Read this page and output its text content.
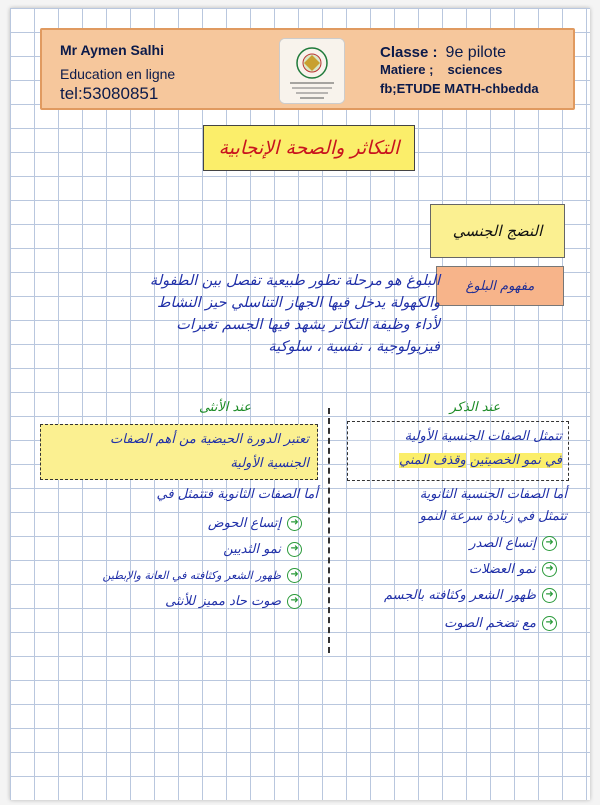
Mr Aymen Salhi
Education en ligne
tel:53080851
Classe : 9e pilote
Matiere ; sciences
fb;ETUDE MATH-chbedda
التكاثر والصحة الإنجابية
النضج الجنسي
مفهوم البلوغ
البلوغ هو مرحلة تطور طبيعية تفصل بين الطفولة
والكهولة يدخل فيها الجهاز التناسلي حيز النشاط
لأداء وظيفة التكاثر يشهد فيها الجسم تغيرات
فيزيولوجية ، نفسية ، سلوكية
عند الذكر
عند الأنثى
تتمثل الصفات الجنسية الأولية
في نمو الخصيتين وقذف المني
تعتبر الدورة الحيضية من أهم الصفات
الجنسية الأولية
أما الصفات الجنسية الثانوية
تتمثل في زيادة سرعة النمو
أما الصفات الثانوية فتتمثل في
➜
إتساع الصدر
➜
نمو العضلات
➜
ظهور الشعر وكثافته بالجسم
➜
مع تضخم الصوت
➜
إتساع الحوض
➜
نمو الثديين
➜
ظهور الشعر وكثافته في العانة والإبطين
➜
صوت حاد مميز للأنثى
